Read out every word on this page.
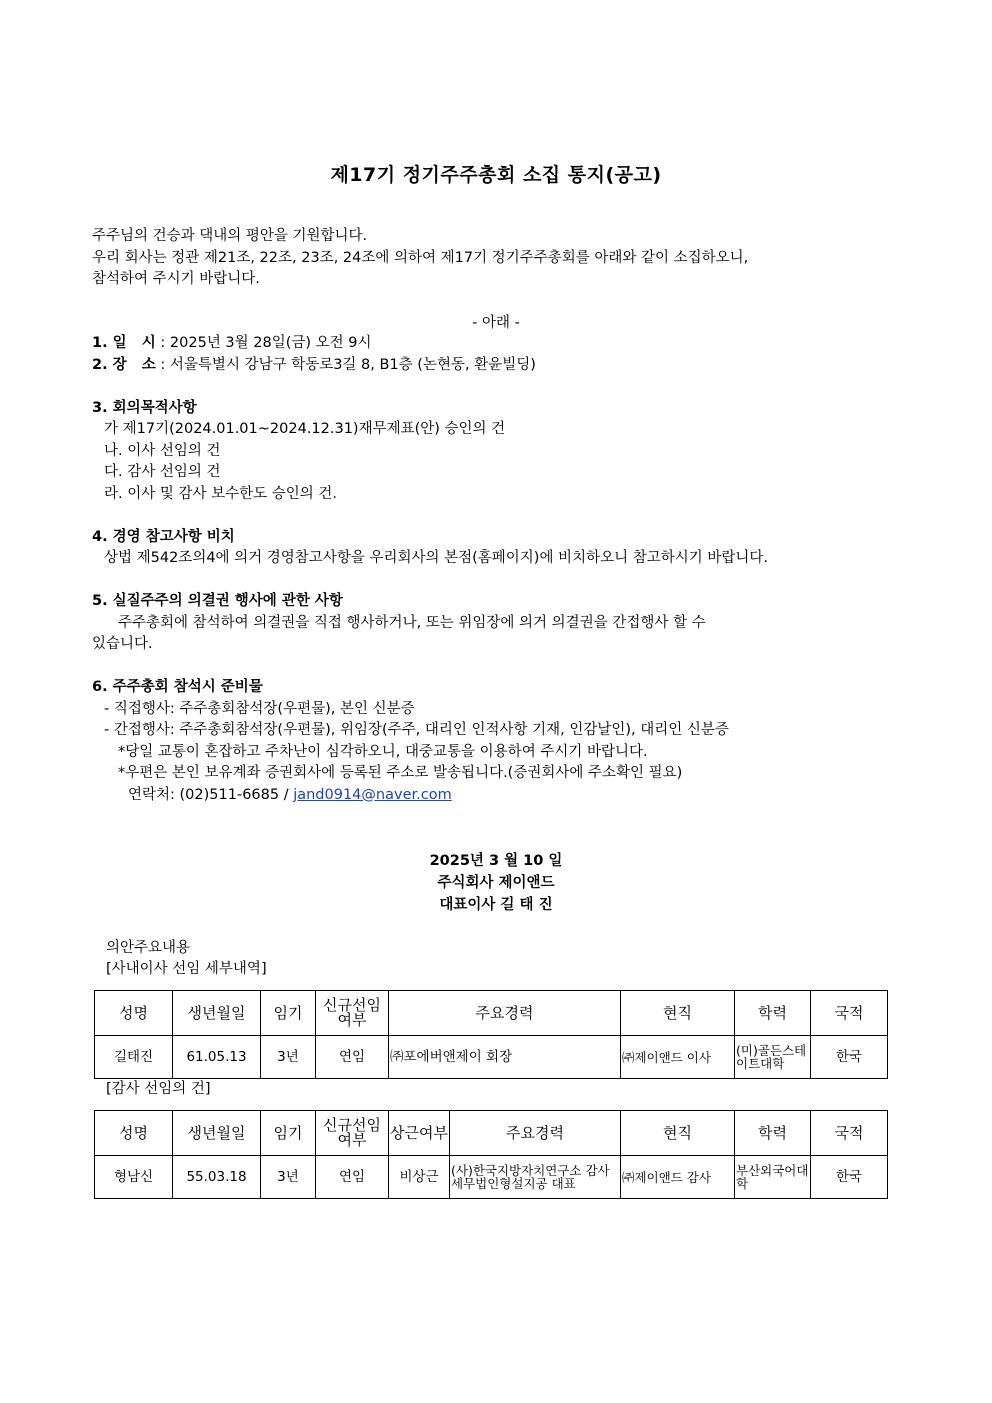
제17기 정기주주총회 소집 통지(공고)
주주님의 건승과 댁내의 평안을 기원합니다.
우리 회사는 정관 제21조, 22조, 23조, 24조에 의하여 제17기 정기주주총회를 아래와 같이 소집하오니,
참석하여 주시기 바랍니다.
- 아래 -
1. 일   시 : 2025년 3월 28일(금) 오전 9시
2. 장   소 : 서울특별시 강남구 학동로3길 8, B1층 (논현동, 환윤빌딩)
3. 회의목적사항
가 제17기(2024.01.01~2024.12.31)재무제표(안) 승인의 건
나. 이사 선임의 건
다. 감사 선임의 건
라. 이사 및 감사 보수한도 승인의 건.
4. 경영 참고사항 비치
상법 제542조의4에 의거 경영참고사항을 우리회사의 본점(홈페이지)에 비치하오니 참고하시기 바랍니다.
5. 실질주주의 의결권 행사에 관한 사항
주주총회에 참석하여 의결권을 직접 행사하거나, 또는 위임장에 의거 의결권을 간접행사 할 수
있습니다.
6. 주주총회 참석시 준비물
- 직접행사: 주주총회참석장(우편물), 본인 신분증
- 간접행사: 주주총회참석장(우편물), 위임장(주주, 대리인 인적사항 기재, 인감날인), 대리인 신분증
*당일 교통이 혼잡하고 주차난이 심각하오니, 대중교통을 이용하여 주시기 바랍니다.
*우편은 본인 보유계좌 증권회사에 등록된 주소로 발송됩니다.(증권회사에 주소확인 필요)
연락처: (02)511-6685 / jand0914@naver.com
2025년 3 월 10 일
주식회사 제이앤드
대표이사 길 태 진
의안주요내용
[사내이사 선임 세부내역]
성명	생년월일	임기	신규선임여부	주요경력	현직	학력	국적
길태진	61.05.13	3년	연임	㈜포에버앤제이 회장	㈜제이앤드 이사	(미)골든스테이트대학	한국
[감사 선임의 건]
성명	생년월일	임기	신규선임여부	상근여부	주요경력	현직	학력	국적
형남신	55.03.18	3년	연임	비상근	(사)한국지방자치연구소 감사
세무법인형설지공 대표	㈜제이앤드 감사	부산외국어대학	한국
